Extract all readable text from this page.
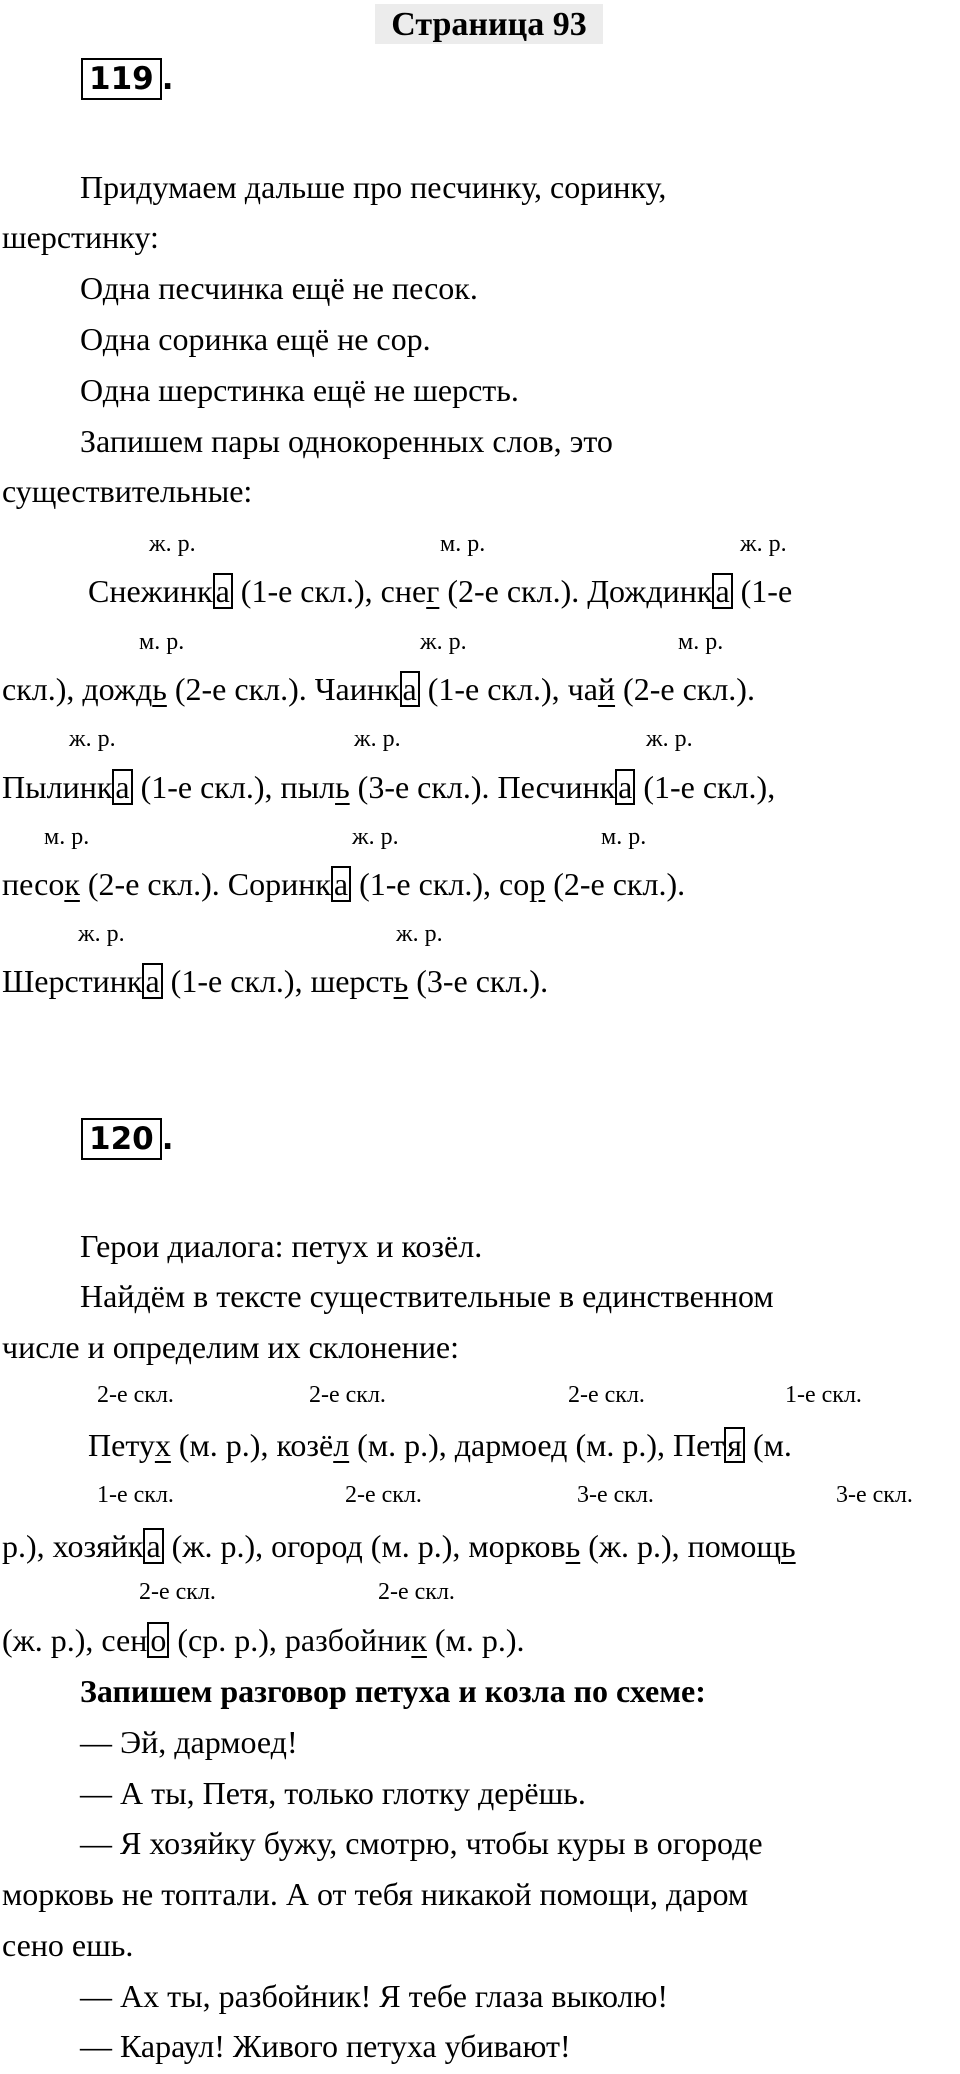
Страница 93
119 .
Придумаем дальше про песчинку, соринку,
шерстинку:
Одна песчинка ещё не песок.
Одна соринка ещё не сор.
Одна шерстинка ещё не шерсть.
Запишем пары однокоренных слов, это
существительные:
ж. р.	м. р.	ж. р.
Снежинка (1-е скл.), снег (2-е скл.). Дождинка (1-е
м. р.	ж. р.	м. р.
скл.), дождь (2-е скл.). Чаинка (1-е скл.), чай (2-е скл.).
ж. р.	ж. р.	ж. р.
Пылинка (1-е скл.), пыль (3-е скл.). Песчинка (1-е скл.),
м. р.	ж. р.	м. р.
песок (2-е скл.). Соринка (1-е скл.), сор (2-е скл.).
ж. р.	ж. р.
Шерстинка (1-е скл.), шерсть (3-е скл.).
120 .
Герои диалога: петух и козёл.
Найдём в тексте существительные в единственном
числе и определим их склонение:
2-е скл.	2-е скл.	2-е скл.	1-е скл.
Петух (м. р.), козёл (м. р.), дармоед (м. р.), Петя (м.
1-е скл.	2-е скл.	3-е скл.	3-е скл.
р.), хозяйка (ж. р.), огород (м. р.), морковь (ж. р.), помощь
2-е скл.	2-е скл.
(ж. р.), сено (ср. р.), разбойник (м. р.).
Запишем разговор петуха и козла по схеме:
— Эй, дармоед!
— А ты, Петя, только глотку дерёшь.
— Я хозяйку бужу, смотрю, чтобы куры в огороде
морковь не топтали. А от тебя никакой помощи, даром
сено ешь.
— Ах ты, разбойник! Я тебе глаза выколю!
— Караул! Живого петуха убивают!
